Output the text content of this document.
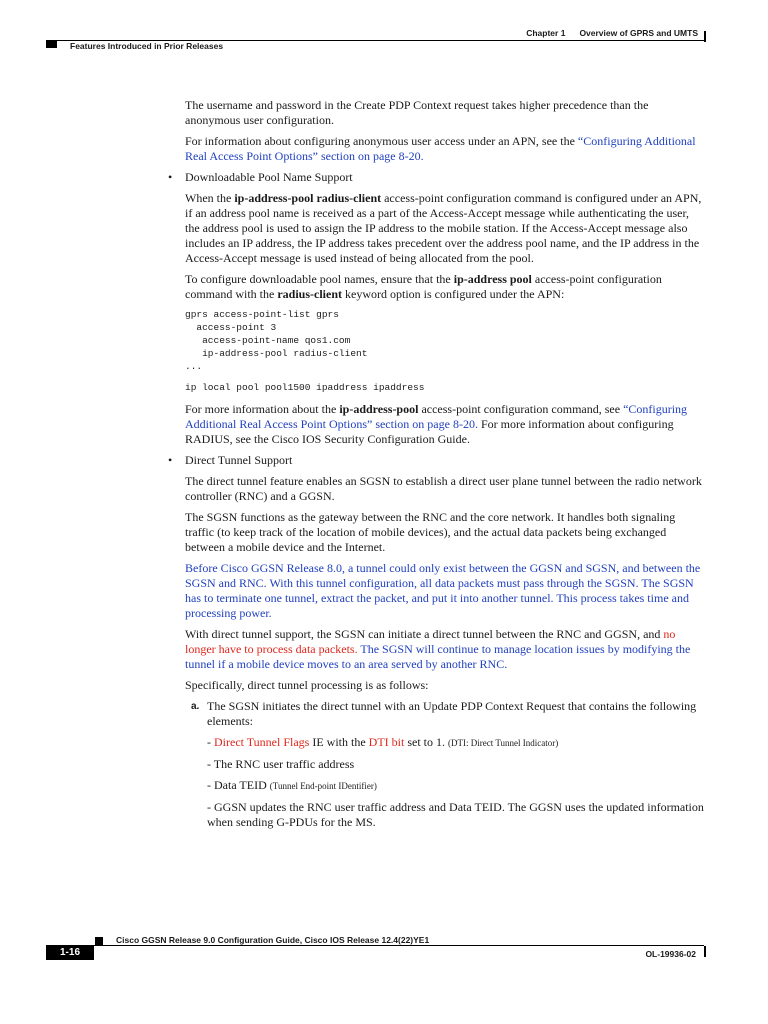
Chapter 1 Overview of GPRS and UMTS
Features Introduced in Prior Releases

The username and password in the Create PDP Context request takes higher precedence than the anonymous user configuration.

For information about configuring anonymous user access under an APN, see the “Configuring Additional Real Access Point Options” section on page 8-20.

• Downloadable Pool Name Support

When the ip-address-pool radius-client access-point configuration command is configured under an APN, if an address pool name is received as a part of the Access-Accept message while authenticating the user, the address pool is used to assign the IP address to the mobile station. If the Access-Accept message also includes an IP address, the IP address takes precedent over the address pool name, and the IP address in the Access-Accept message is used instead of being allocated from the pool.

To configure downloadable pool names, ensure that the ip-address pool access-point configuration command with the radius-client keyword option is configured under the APN:

gprs access-point-list gprs
access-point 3
access-point-name qos1.com
ip-address-pool radius-client
...
ip local pool pool1500 ipaddress ipaddress

For more information about the ip-address-pool access-point configuration command, see “Configuring Additional Real Access Point Options” section on page 8-20. For more information about configuring RADIUS, see the Cisco IOS Security Configuration Guide.

• Direct Tunnel Support

The direct tunnel feature enables an SGSN to establish a direct user plane tunnel between the radio network controller (RNC) and a GGSN.

The SGSN functions as the gateway between the RNC and the core network. It handles both signaling traffic (to keep track of the location of mobile devices), and the actual data packets being exchanged between a mobile device and the Internet.

Before Cisco GGSN Release 8.0, a tunnel could only exist between the GGSN and SGSN, and between the SGSN and RNC. With this tunnel configuration, all data packets must pass through the SGSN. The SGSN has to terminate one tunnel, extract the packet, and put it into another tunnel. This process takes time and processing power.

With direct tunnel support, the SGSN can initiate a direct tunnel between the RNC and GGSN, and no longer have to process data packets. The SGSN will continue to manage location issues by modifying the tunnel if a mobile device moves to an area served by another RNC.

Specifically, direct tunnel processing is as follows:

a. The SGSN initiates the direct tunnel with an Update PDP Context Request that contains the following elements:

- Direct Tunnel Flags IE with the DTI bit set to 1. (DTI: Direct Tunnel Indicator)

- The RNC user traffic address

- Data TEID (Tunnel End-point IDentifier)

- GGSN updates the RNC user traffic address and Data TEID. The GGSN uses the updated information when sending G-PDUs for the MS.

Cisco GGSN Release 9.0 Configuration Guide, Cisco IOS Release 12.4(22)YE1
1-16	OL-19936-02
